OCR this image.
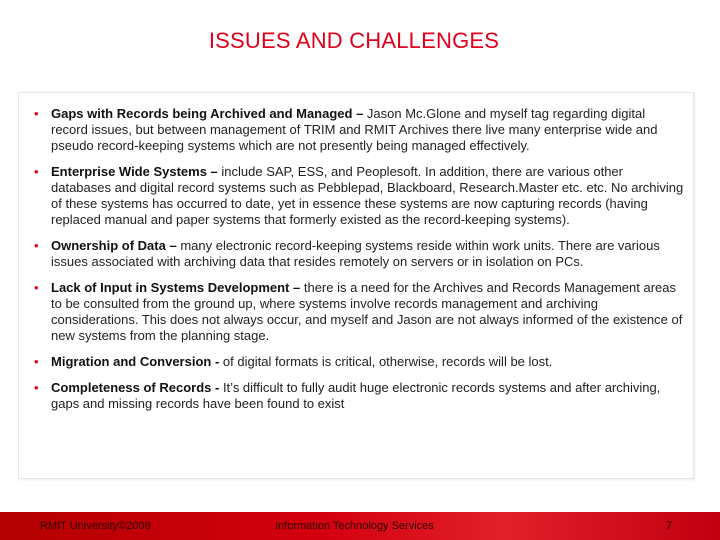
ISSUES AND CHALLENGES
• Gaps with Records being Archived and Managed – Jason Mc.Glone and myself tag regarding digital record issues, but between management of TRIM and RMIT Archives there live many enterprise wide and pseudo record-keeping systems which are not presently being managed effectively.
• Enterprise Wide Systems – include SAP, ESS, and Peoplesoft. In addition, there are various other databases and digital record systems such as Pebblepad, Blackboard, Research.Master etc. etc. No archiving of these systems has occurred to date, yet in essence these systems are now capturing records (having replaced manual and paper systems that formerly existed as the record-keeping systems).
• Ownership of Data – many electronic record-keeping systems reside within work units. There are various issues associated with archiving data that resides remotely on servers or in isolation on PCs.
• Lack of Input in Systems Development – there is a need for the Archives and Records Management areas to be consulted from the ground up, where systems involve records management and archiving considerations. This does not always occur, and myself and Jason are not always informed of the existence of new systems from the planning stage.
• Migration and Conversion - of digital formats is critical, otherwise, records will be lost.
• Completeness of Records - It’s difficult to fully audit huge electronic records systems and after archiving, gaps and missing records have been found to exist
RMIT University©2008	Information Technology Services	7
